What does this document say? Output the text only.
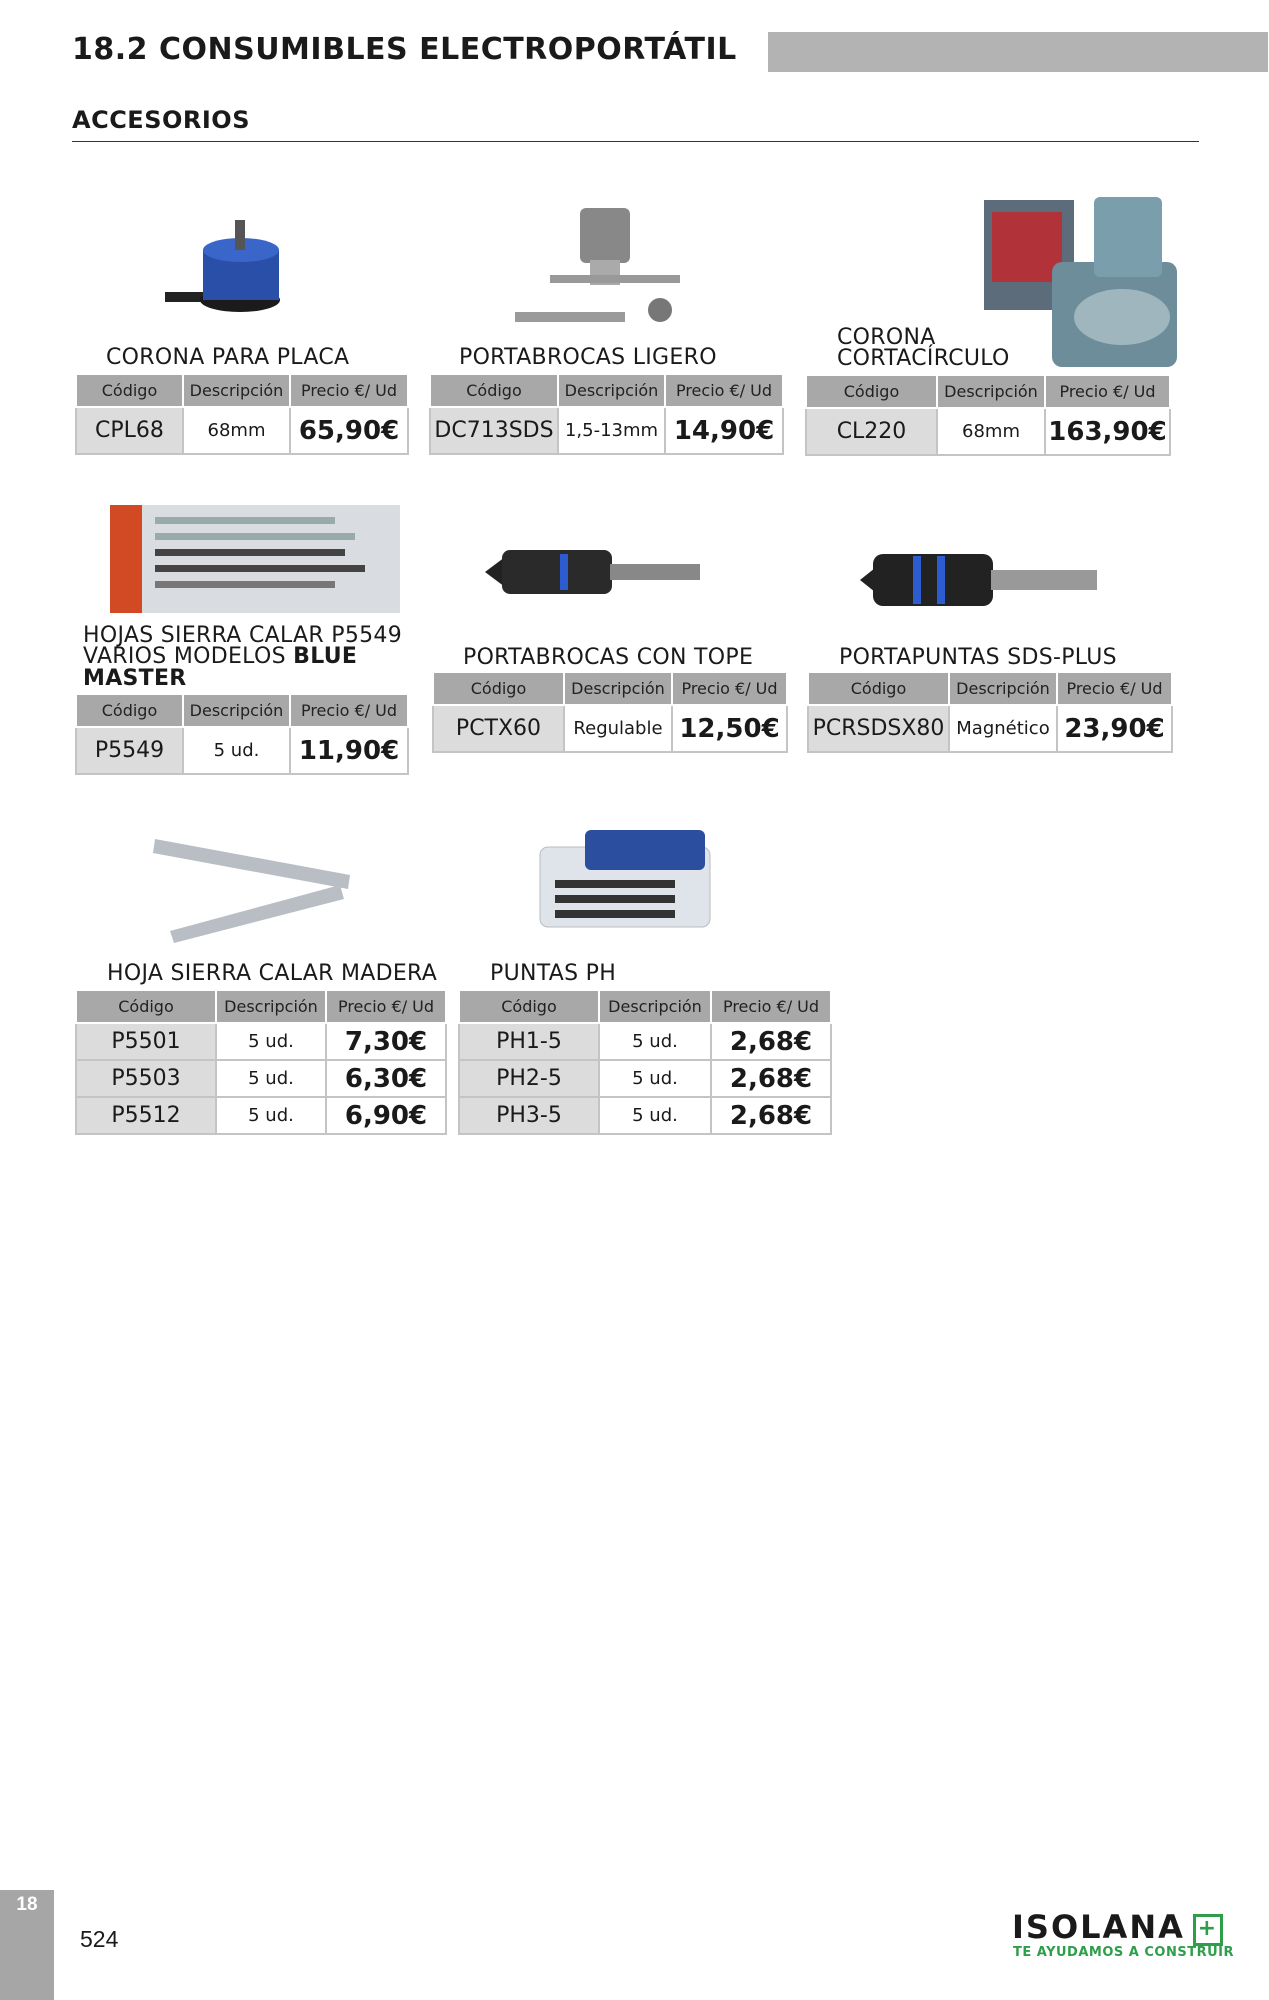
18.2 CONSUMIBLES ELECTROPORTÁTIL
ACCESORIOS
CORONA PARA PLACA
Código	Descripción	Precio €/ Ud
CPL68	68mm	65,90€
PORTABROCAS LIGERO
Código	Descripción	Precio €/ Ud
DC713SDS	1,5-13mm	14,90€
CORONA
CORTACÍRCULO
Código	Descripción	Precio €/ Ud
CL220	68mm	163,90€
HOJAS SIERRA CALAR P5549
VARIOS MODELOS BLUE
MASTER
Código	Descripción	Precio €/ Ud
P5549	5 ud.	11,90€
PORTABROCAS CON TOPE
Código	Descripción	Precio €/ Ud
PCTX60	Regulable	12,50€
PORTAPUNTAS SDS-PLUS
Código	Descripción	Precio €/ Ud
PCRSDSX80	Magnético	23,90€
HOJA SIERRA CALAR MADERA
Código	Descripción	Precio €/ Ud
P5501	5 ud.	7,30€
P5503	5 ud.	6,30€
P5512	5 ud.	6,90€
PUNTAS PH
Código	Descripción	Precio €/ Ud
PH1-5	5 ud.	2,68€
PH2-5	5 ud.	2,68€
PH3-5	5 ud.	2,68€
18
524	ISOLANA +
TE AYUDAMOS A CONSTRUIR
